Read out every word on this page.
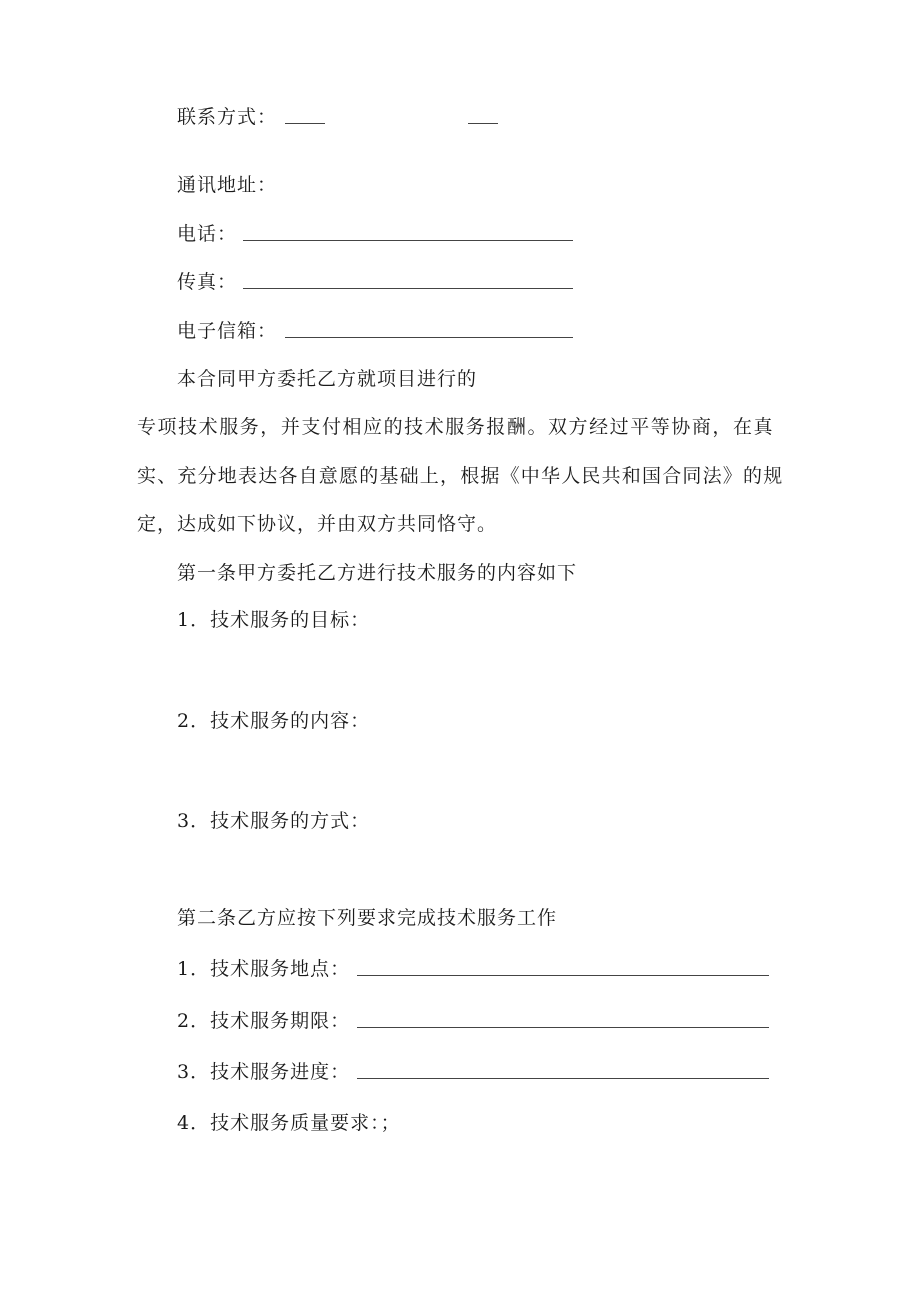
联系方式：
通讯地址：
电话：
传真：
电子信箱：
本合同甲方委托乙方就项目进行的
专项技术服务，并支付相应的技术服务报酬。双方经过平等协商，在真
实、充分地表达各自意愿的基础上，根据《中华人民共和国合同法》的规
定，达成如下协议，并由双方共同恪守。
第一条甲方委托乙方进行技术服务的内容如下
1．技术服务的目标：
2．技术服务的内容：
3．技术服务的方式：
第二条乙方应按下列要求完成技术服务工作
1．技术服务地点：
2．技术服务期限：
3．技术服务进度：
4．技术服务质量要求：；
